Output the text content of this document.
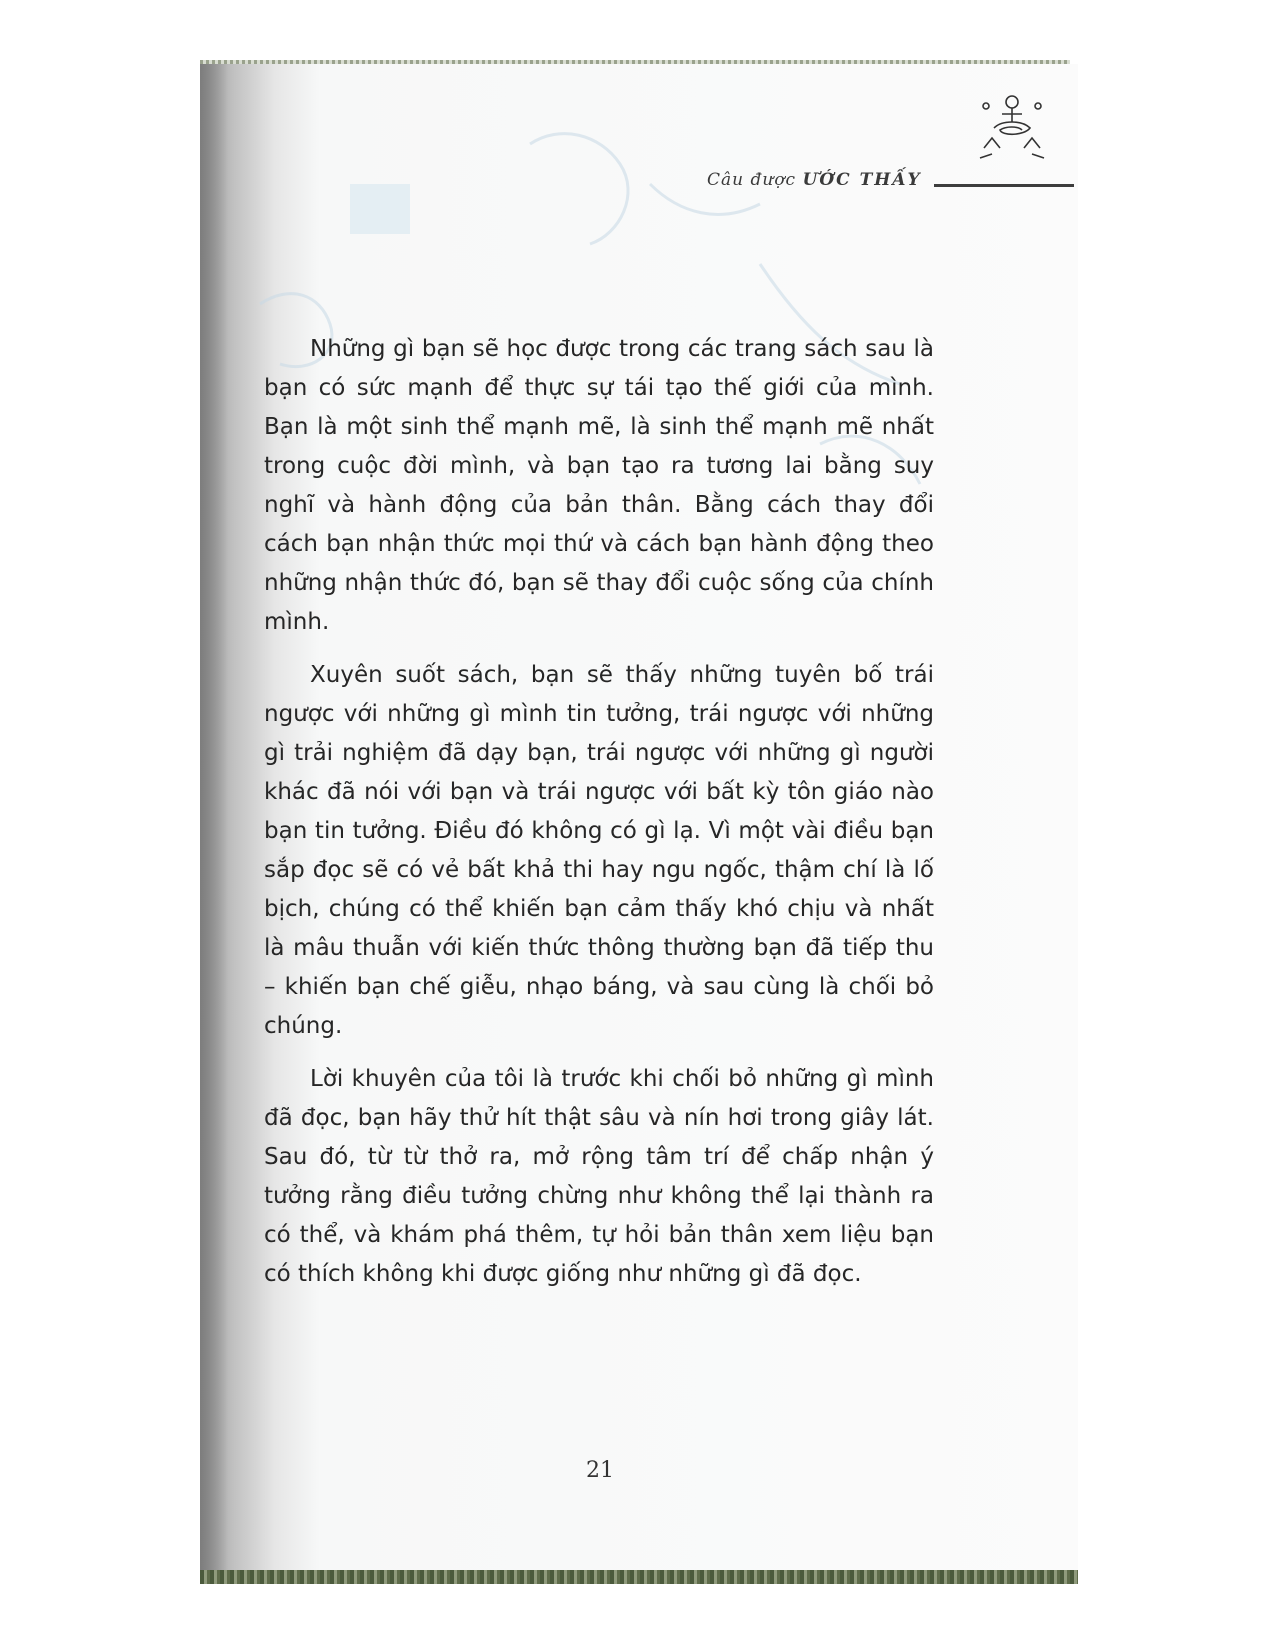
Câu được ƯỚC THẤY

Những gì bạn sẽ học được trong các trang sách sau là bạn có sức mạnh để thực sự tái tạo thế giới của mình. Bạn là một sinh thể mạnh mẽ, là sinh thể mạnh mẽ nhất trong cuộc đời mình, và bạn tạo ra tương lai bằng suy nghĩ và hành động của bản thân. Bằng cách thay đổi cách bạn nhận thức mọi thứ và cách bạn hành động theo những nhận thức đó, bạn sẽ thay đổi cuộc sống của chính mình.

Xuyên suốt sách, bạn sẽ thấy những tuyên bố trái ngược với những gì mình tin tưởng, trái ngược với những gì trải nghiệm đã dạy bạn, trái ngược với những gì người khác đã nói với bạn và trái ngược với bất kỳ tôn giáo nào bạn tin tưởng. Điều đó không có gì lạ. Vì một vài điều bạn sắp đọc sẽ có vẻ bất khả thi hay ngu ngốc, thậm chí là lố bịch, chúng có thể khiến bạn cảm thấy khó chịu và nhất là mâu thuẫn với kiến thức thông thường bạn đã tiếp thu – khiến bạn chế giễu, nhạo báng, và sau cùng là chối bỏ chúng.

Lời khuyên của tôi là trước khi chối bỏ những gì mình đã đọc, bạn hãy thử hít thật sâu và nín hơi trong giây lát. Sau đó, từ từ thở ra, mở rộng tâm trí để chấp nhận ý tưởng rằng điều tưởng chừng như không thể lại thành ra có thể, và khám phá thêm, tự hỏi bản thân xem liệu bạn có thích không khi được giống như những gì đã đọc.

21
